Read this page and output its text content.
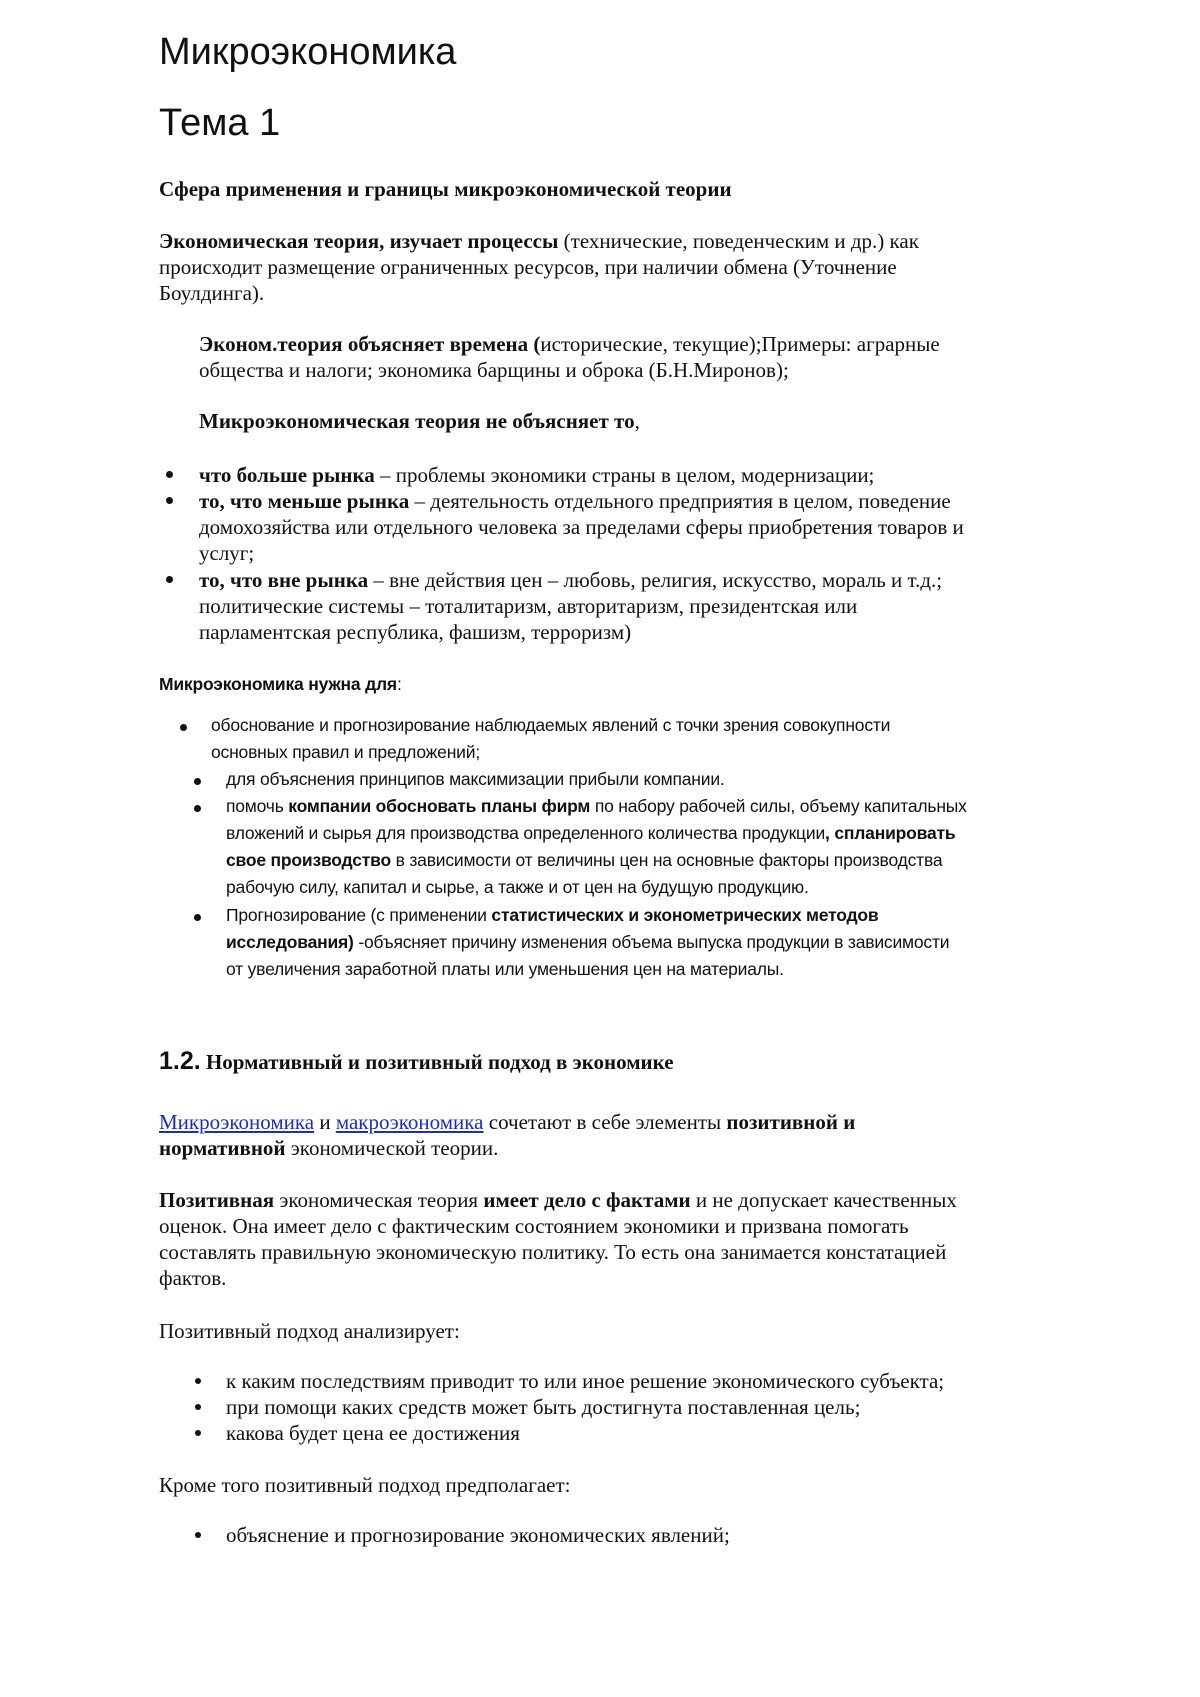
Микроэкономика
Тема 1
Сфера применения и границы микроэкономической теории
Экономическая теория, изучает процессы (технические, поведенческим и др.) как
происходит размещение ограниченных ресурсов, при наличии обмена (Уточнение
Боулдинга).
Эконом.теория объясняет времена (исторические, текущие);Примеры: аграрные
общества и налоги; экономика барщины и оброка (Б.Н.Миронов);
Микроэкономическая теория не объясняет то,
что больше рынка – проблемы экономики страны в целом, модернизации;
то, что меньше рынка – деятельность отдельного предприятия в целом, поведение
домохозяйства или отдельного человека за пределами сферы приобретения товаров и
услуг;
то, что вне рынка – вне действия цен – любовь, религия, искусство, мораль и т.д.;
политические системы – тоталитаризм, авторитаризм, президентская или
парламентская республика, фашизм, терроризм)
Микроэкономика нужна для:
обоснование и прогнозирование наблюдаемых явлений с точки зрения совокупности
основных правил и предложений;
для объяснения принципов максимизации прибыли компании.
помочь компании обосновать планы фирм по набору рабочей силы, объему капитальных
вложений и сырья для производства определенного количества продукции, спланировать
свое производство в зависимости от величины цен на основные факторы производства
рабочую силу, капитал и сырье, а также и от цен на будущую продукцию.
Прогнозирование (с применении статистических и эконометрических методов
исследования) -объясняет причину изменения объема выпуска продукции в зависимости
от увеличения заработной платы или уменьшения цен на материалы.
1.2. Нормативный и позитивный подход в экономике
Микроэкономика и макроэкономика сочетают в себе элементы позитивной и
нормативной экономической теории.
Позитивная экономическая теория имеет дело с фактами и не допускает качественных
оценок. Она имеет дело с фактическим состоянием экономики и призвана помогать
составлять правильную экономическую политику. То есть она занимается констатацией
фактов.
Позитивный подход анализирует:
к каким последствиям приводит то или иное решение экономического субъекта;
при помощи каких средств может быть достигнута поставленная цель;
какова будет цена ее достижения
Кроме того позитивный подход предполагает:
объяснение и прогнозирование экономических явлений;
